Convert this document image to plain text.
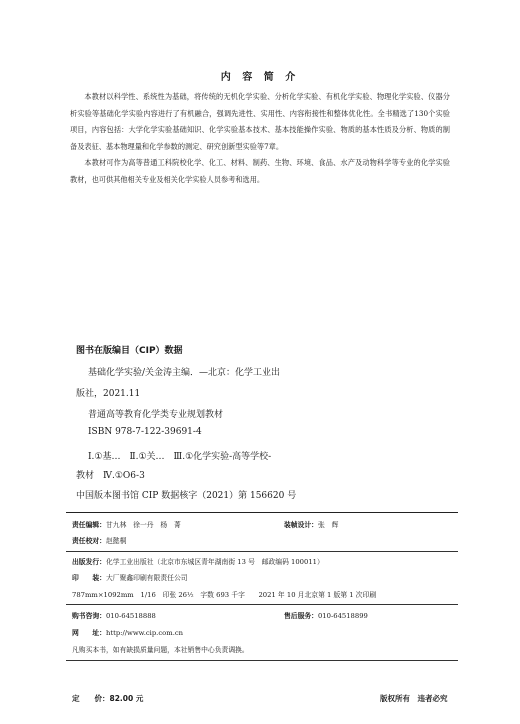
内 容 简 介

本教材以科学性、系统性为基础，将传统的无机化学实验、分析化学实验、有机化学实验、物理化学实验、仪器分析实验等基础化学实验内容进行了有机融合，强调先进性、实用性、内容衔接性和整体优化性。全书精选了130个实验项目，内容包括：大学化学实验基础知识、化学实验基本技术、基本技能操作实验、物质的基本性质及分析、物质的制备及表征、基本物理量和化学参数的测定、研究创新型实验等7章。

本教材可作为高等普通工科院校化学、化工、材料、制药、生物、环境、食品、水产及动物科学等专业的化学实验教材，也可供其他相关专业及相关化学实验人员参考和选用。

图书在版编目（CIP）数据
基础化学实验/关金涛主编．—北京：化学工业出
版社，2021.11
普通高等教育化学类专业规划教材
ISBN 978-7-122-39691-4
Ⅰ.①基…　Ⅱ.①关…　Ⅲ.①化学实验-高等学校-
教材　Ⅳ.①O6-3
中国版本图书馆 CIP 数据核字（2021）第 156620 号
责任编辑：甘九林　徐一丹　杨　菁	装帧设计：张　辉
责任校对：赵懿桐
出版发行：化学工业出版社（北京市东城区青年湖南街 13 号　邮政编码 100011）
印　　装：大厂聚鑫印刷有限责任公司
787mm×1092mm　1/16　印张 26½　字数 693 千字　　2021 年 10 月北京第 1 版第 1 次印刷
购书咨询：010-64518888	售后服务：010-64518899
网　　址：http://www.cip.com.cn
凡购买本书，如有缺损质量问题，本社销售中心负责调换。
定　　价：82.00 元	版权所有　违者必究
